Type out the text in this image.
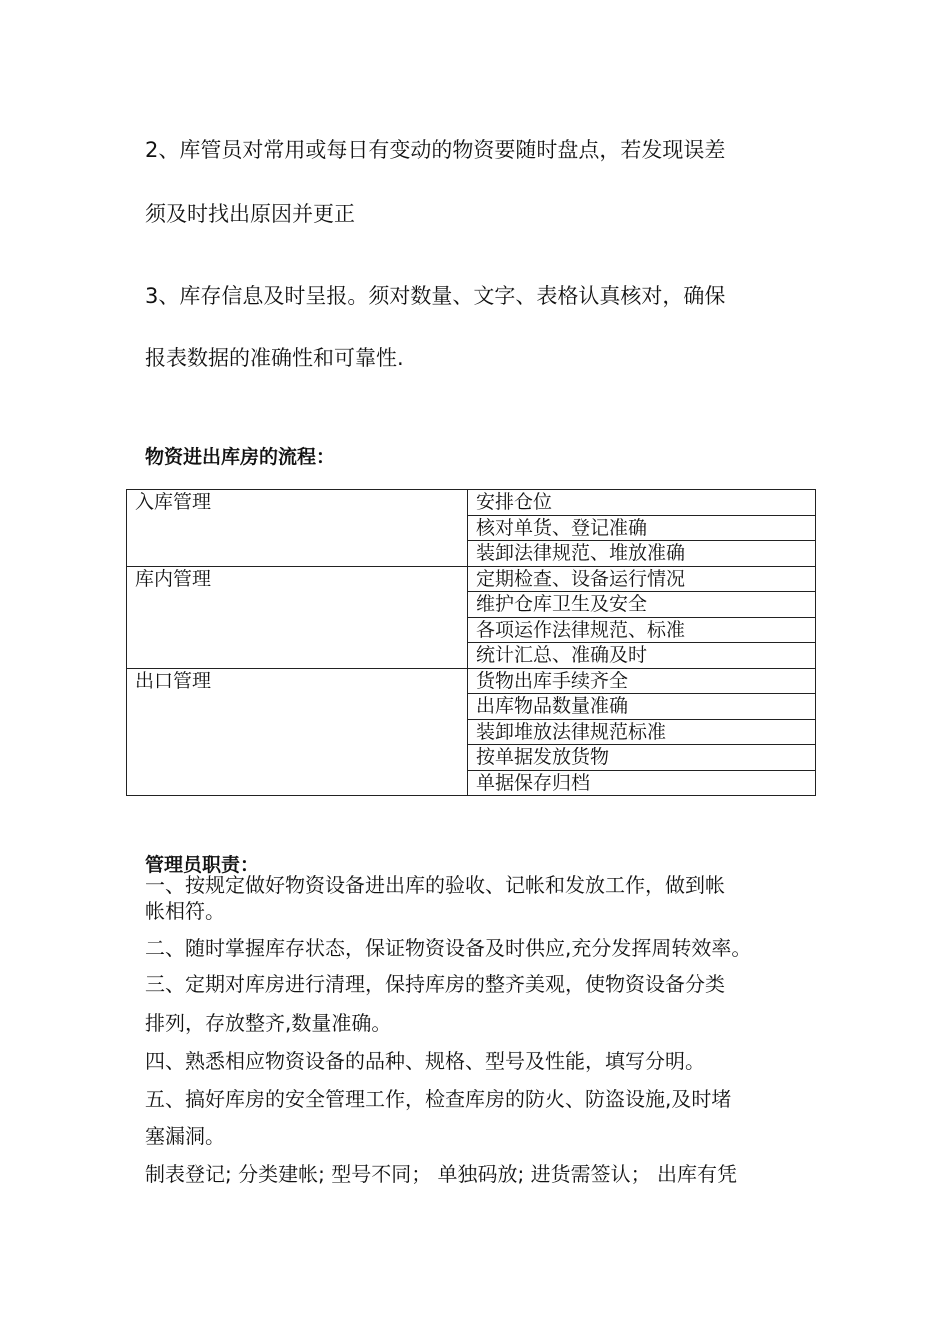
2、库管员对常用或每日有变动的物资要随时盘点，若发现误差

须及时找出原因并更正

3、库存信息及时呈报。须对数量、文字、表格认真核对，确保

报表数据的准确性和可靠性.

物资进出库房的流程：

入库管理	安排仓位
	核对单货、登记准确
	装卸法律规范、堆放准确
库内管理	定期检查、设备运行情况
	维护仓库卫生及安全
	各项运作法律规范、标准
	统计汇总、准确及时
出口管理	货物出库手续齐全
	出库物品数量准确
	装卸堆放法律规范标准
	按单据发放货物
	单据保存归档

管理员职责：

一、按规定做好物资设备进出库的验收、记帐和发放工作，做到帐

帐相符。

二、随时掌握库存状态，保证物资设备及时供应,充分发挥周转效率。

三、定期对库房进行清理，保持库房的整齐美观，使物资设备分类

排列，存放整齐,数量准确。

四、熟悉相应物资设备的品种、规格、型号及性能，填写分明。

五、搞好库房的安全管理工作，检查库房的防火、防盗设施,及时堵

塞漏洞。

制表登记; 分类建帐; 型号不同； 单独码放; 进货需签认； 出库有凭
